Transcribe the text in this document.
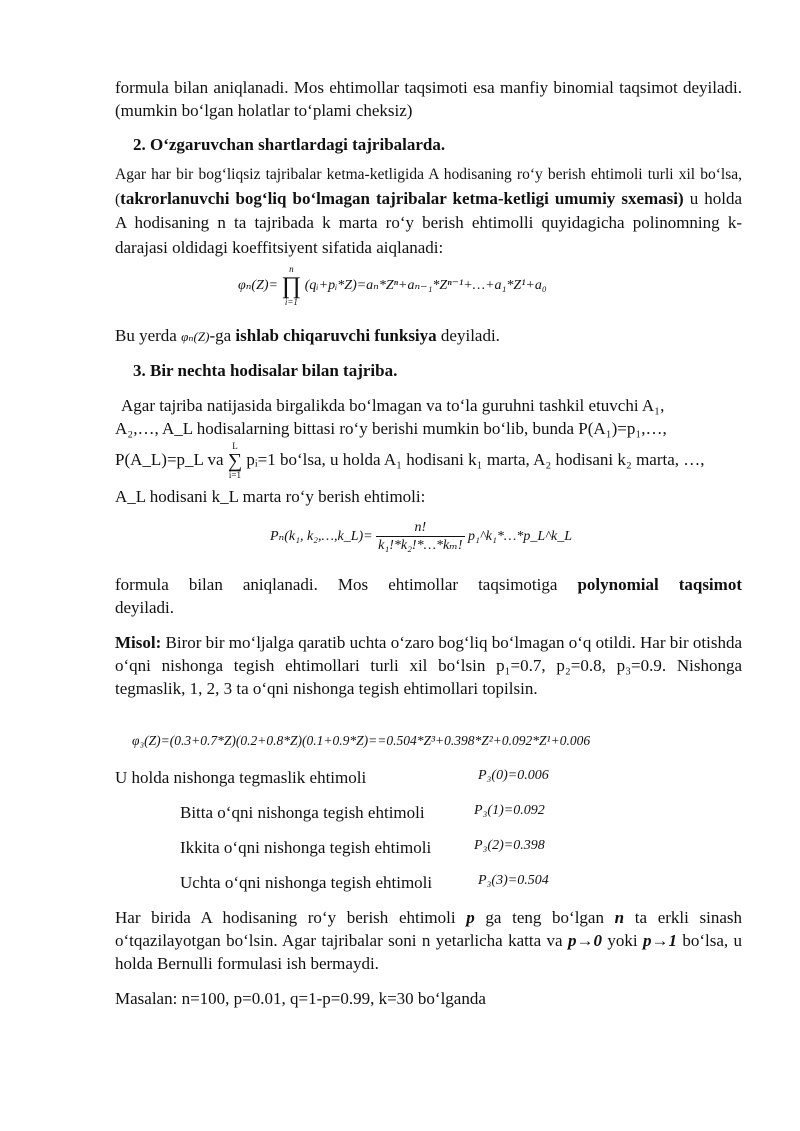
formula bilan aniqlanadi. Mos ehtimollar taqsimoti esa manfiy binomial taqsimot deyiladi. (mumkin bo‘lgan holatlar to‘plami cheksiz)

2. O‘zgaruvchan shartlardagi tajribalarda.

Agar har bir bog‘liqsiz tajribalar ketma-ketligida A hodisaning ro‘y berish ehtimoli turli xil bo‘lsa, (takrorlanuvchi bog‘liq bo‘lmagan tajribalar ketma-ketligi umumiy sxemasi) u holda A hodisaning n ta tajribada k marta ro‘y berish ehtimolli quyidagicha polinomning k-darajasi oldidagi koeffitsiyent sifatida aiqlanadi:

φₙ(Z)=
n
∏
i=1
(qᵢ+pᵢ*Z)=aₙ*Zⁿ+aₙ₋₁*Zⁿ⁻¹+…+a₁*Z¹+a₀

Bu yerda φₙ(Z)-ga ishlab chiqaruvchi funksiya deyiladi.

3. Bir nechta hodisalar bilan tajriba.

Agar tajriba natijasida birgalikda bo‘lmagan va to‘la guruhni tashkil etuvchi A₁,

A₂,…, A_L hodisalarning bittasi ro‘y berishi mumkin bo‘lib, bunda P(A₁)=p₁,…,

P(A_L)=p_L va
L
∑
i=1
pᵢ=1 bo‘lsa, u holda A₁ hodisani k₁ marta, A₂ hodisani k₂ marta, …,

A_L hodisani k_L marta ro‘y berish ehtimoli:

Pₙ(k₁, k₂,…,k_L)= $\frac{n!}{\text{k₁!*k₂!*…*kₘ!}}$ p₁^k₁*…*p_L^k_L

formula bilan aniqlanadi. Mos ehtimollar taqsimotiga polynomial taqsimot

deyiladi.

Misol: Biror bir mo‘ljalga qaratib uchta o‘zaro bog‘liq bo‘lmagan o‘q otildi. Har bir otishda o‘qni nishonga tegish ehtimollari turli xil bo‘lsin p₁=0.7, p₂=0.8, p₃=0.9. Nishonga tegmaslik, 1, 2, 3 ta o‘qni nishonga tegish ehtimollari topilsin.

φ₃(Z)=(0.3+0.7*Z)(0.2+0.8*Z)(0.1+0.9*Z)==0.504*Z³+0.398*Z²+0.092*Z¹+0.006

U holda nishonga tegmaslik ehtimoli	P₃(0)=0.006

Bitta o‘qni nishonga tegish ehtimoli	P₃(1)=0.092

Ikkita o‘qni nishonga tegish ehtimoli	P₃(2)=0.398

Uchta o‘qni nishonga tegish ehtimoli	P₃(3)=0.504

Har birida A hodisaning ro‘y berish ehtimoli p ga teng bo‘lgan n ta erkli sinash o‘tqazilayotgan bo‘lsin. Agar tajribalar soni n yetarlicha katta va p→0 yoki p→1 bo‘lsa, u holda Bernulli formulasi ish bermaydi.

Masalan: n=100, p=0.01, q=1-p=0.99, k=30 bo‘lganda
